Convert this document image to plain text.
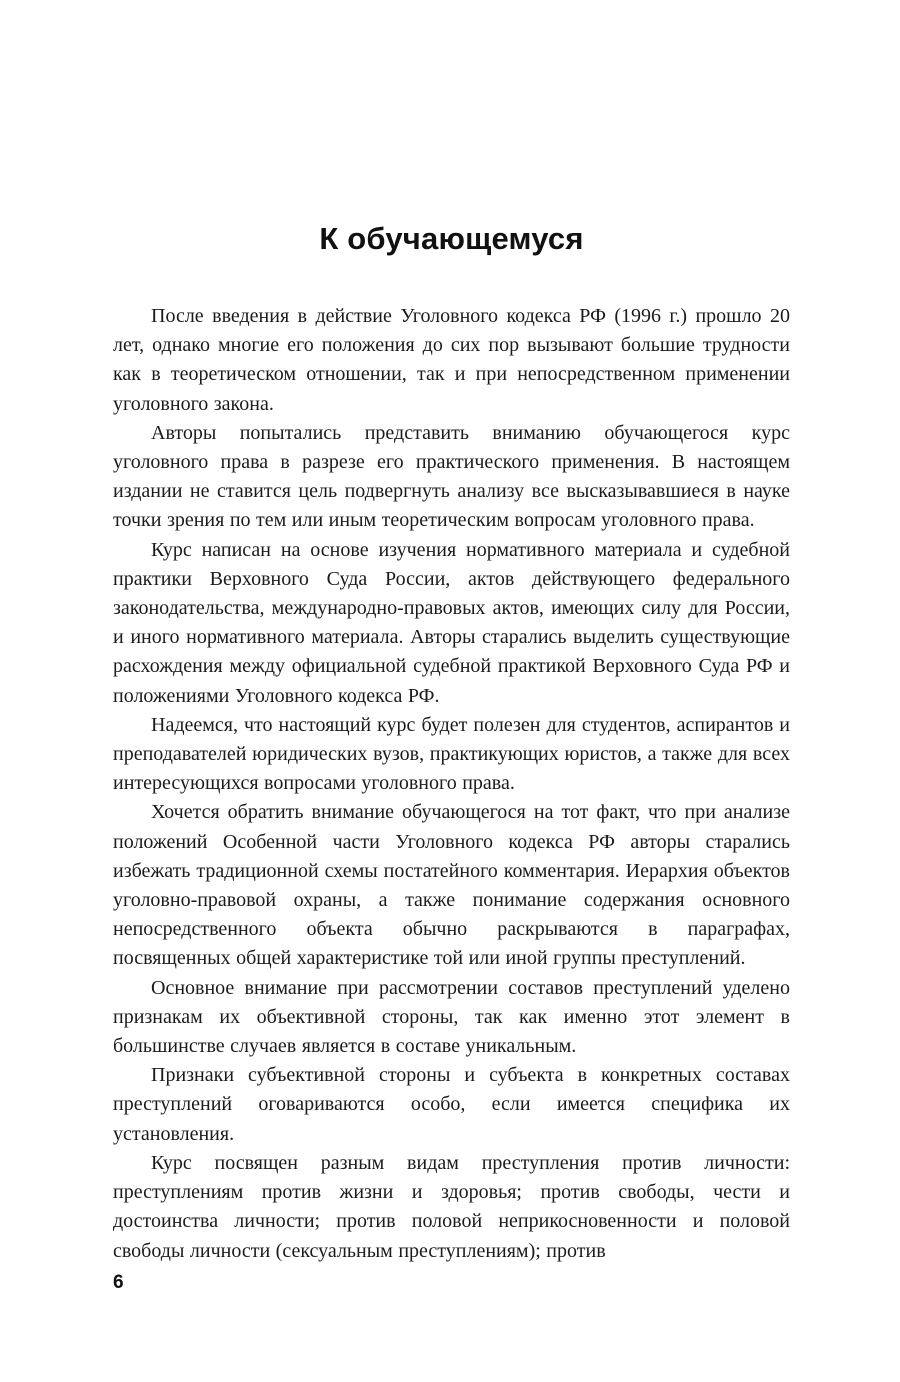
К обучающемуся

После введения в действие Уголовного кодекса РФ (1996 г.) прошло 20 лет, однако многие его положения до сих пор вызывают большие трудности как в теоретическом отношении, так и при непосредственном применении уголовного закона.

Авторы попытались представить вниманию обучающегося курс уголовного права в разрезе его практического применения. В настоящем издании не ставится цель подвергнуть анализу все высказывавшиеся в науке точки зрения по тем или иным теоретическим вопросам уголовного права.

Курс написан на основе изучения нормативного материала и судебной практики Верховного Суда России, актов действующего федерального законодательства, международно-правовых актов, имеющих силу для России, и иного нормативного материала. Авторы старались выделить существующие расхождения между официальной судебной практикой Верховного Суда РФ и положениями Уголовного кодекса РФ.

Надеемся, что настоящий курс будет полезен для студентов, аспирантов и преподавателей юридических вузов, практикующих юристов, а также для всех интересующихся вопросами уголовного права.

Хочется обратить внимание обучающегося на тот факт, что при анализе положений Особенной части Уголовного кодекса РФ авторы старались избежать традиционной схемы постатейного комментария. Иерархия объектов уголовно-правовой охраны, а также понимание содержания основного непосредственного объекта обычно раскрываются в параграфах, посвященных общей характеристике той или иной группы преступлений.

Основное внимание при рассмотрении составов преступлений уделено признакам их объективной стороны, так как именно этот элемент в большинстве случаев является в составе уникальным.

Признаки субъективной стороны и субъекта в конкретных составах преступлений оговариваются особо, если имеется специфика их установления.

Курс посвящен разным видам преступления против личности: преступлениям против жизни и здоровья; против свободы, чести и достоинства личности; против половой неприкосновенности и половой свободы личности (сексуальным преступлениям); против

6
